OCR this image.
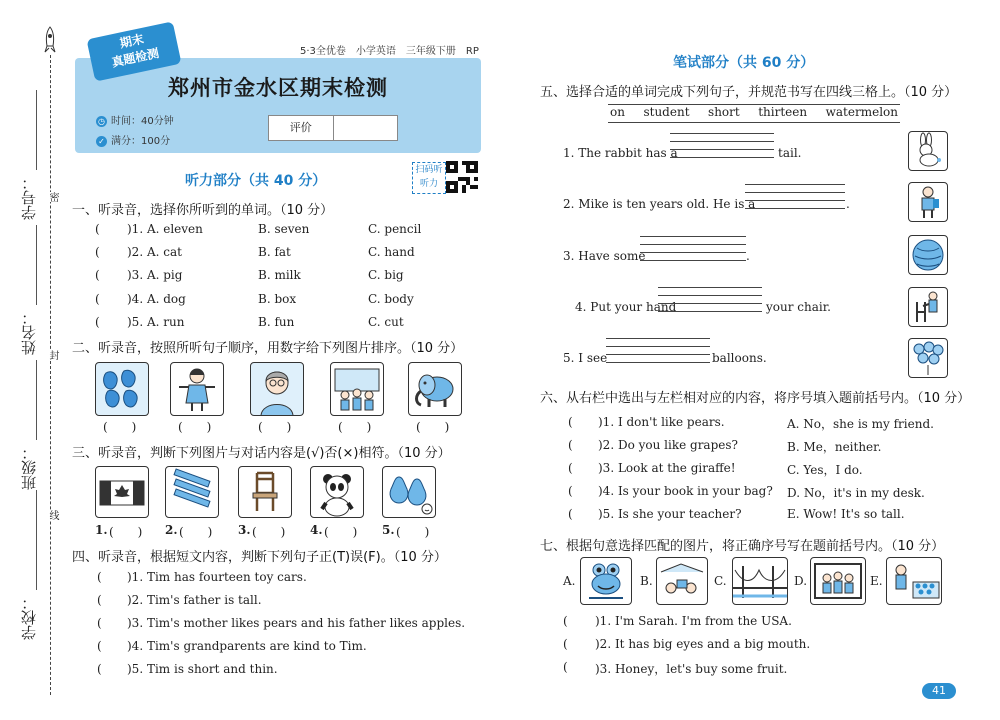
密
封
线
学号：
姓名：
班级：
学校：
期末
真题检测	5·3全优卷　小学英语　三年级下册　RP
郑州市金水区期末检测
◷ 时间：40分钟
✓ 满分：100分
评价
听力部分（共 40 分）
扫码听听力
一、听录音，选择你所听到的单词。（10 分）
( )1. A. eleven	B. seven	C. pencil
( )2. A. cat	B. fat	C. hand
( )3. A. pig	B. milk	C. big
( )4. A. dog	B. box	C. body
( )5. A. run	B. fun	C. cut
二、听录音，按照所听句子顺序，用数字给下列图片排序。（10 分）
(　　)	(　　)	(　　)	(　　)	(　　)
三、听录音，判断下列图片与对话内容是(√)否(×)相符。（10 分）
1. (　　) 2. (　　) 3. (　　) 4. (　　) 5. (　　)
四、听录音，根据短文内容，判断下列句子正(T)误(F)。（10 分）
( )1. Tim has fourteen toy cars.
( )2. Tim's father is tall.
( )3. Tim's mother likes pears and his father likes apples.
( )4. Tim's grandparents are kind to Tim.
( )5. Tim is short and thin.
笔试部分（共 60 分）
五、选择合适的单词完成下列句子，并规范书写在四线三格上。（10 分）
on student short thirteen watermelon
1. The rabbit has a	tail.
2. Mike is ten years old. He is a	.
3. Have some	.
4. Put your hand	your chair.
5. I see	balloons.
六、从右栏中选出与左栏相对应的内容，将序号填入题前括号内。（10 分）
( )1. I don't like pears.	A. No，she is my friend.
( )2. Do you like grapes?	B. Me，neither.
( )3. Look at the giraffe!	C. Yes，I do.
( )4. Is your book in your bag? D. No，it's in my desk.
( )5. Is she your teacher?	E. Wow! It's so tall.
七、根据句意选择匹配的图片，将正确序号写在题前括号内。（10 分）
A.	B.	C.	D.	E.
( )1. I'm Sarah. I'm from the USA.
( )2. It has big eyes and a big mouth.
( )3. Honey，let's buy some fruit.
41
